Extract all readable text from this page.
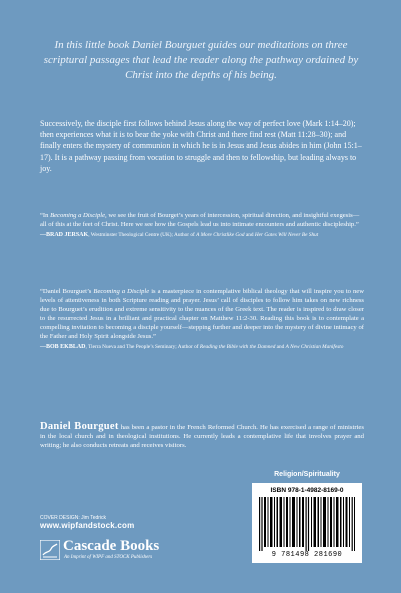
In this little book Daniel Bourguet guides our meditations on three scriptural passages that lead the reader along the pathway ordained by Christ into the depths of his being.
Successively, the disciple first follows behind Jesus along the way of perfect love (Mark 1:14–20); then experiences what it is to bear the yoke with Christ and there find rest (Matt 11:28–30); and finally enters the mystery of communion in which he is in Jesus and Jesus abides in him (John 15:1–17). It is a pathway passing from vocation to struggle and then to fellowship, but leading always to joy.

“In Becoming a Disciple, we see the fruit of Bourget’s years of intercession, spiritual direction, and insightful exegesis—all of this at the feet of Christ. Here we see how the Gospels lead us into intimate encounters and authentic discipleship.”

—BRAD JERSAK, Westminster Theological Centre (UK); Author of A More Christlike God and Her Gates Will Never Be Shut

“Daniel Bourguet’s Becoming a Disciple is a masterpiece in contemplative biblical theology that will inspire you to new levels of attentiveness in both Scripture reading and prayer. Jesus’ call of disciples to follow him takes on new richness due to Bourguet’s erudition and extreme sensitivity to the nuances of the Greek text. The reader is inspired to draw closer to the resurrected Jesus in a brilliant and practical chapter on Matthew 11:2-30. Reading this book is to contemplate a compelling invitation to becoming a disciple yourself—stepping further and deeper into the mystery of divine intimacy of the Father and Holy Spirit alongside Jesus.”

—BOB EKBLAD, Tierra Nueva and The People’s Seminary; Author of Reading the Bible with the Damned and A New Christian Manifesto
Daniel Bourguet has been a pastor in the French Reformed Church. He has exercised a range of ministries in the local church and in theological institutions. He currently leads a contemplative life that involves prayer and writing; he also conducts retreats and receives visitors.
Religion/Spirituality
ISBN 978-1-4982-8169-0
9 781498 281690
COVER DESIGN: Jim Tedrick
www.wipfandstock.com
Cascade Books
An Imprint of WIPF and STOCK Publishers
